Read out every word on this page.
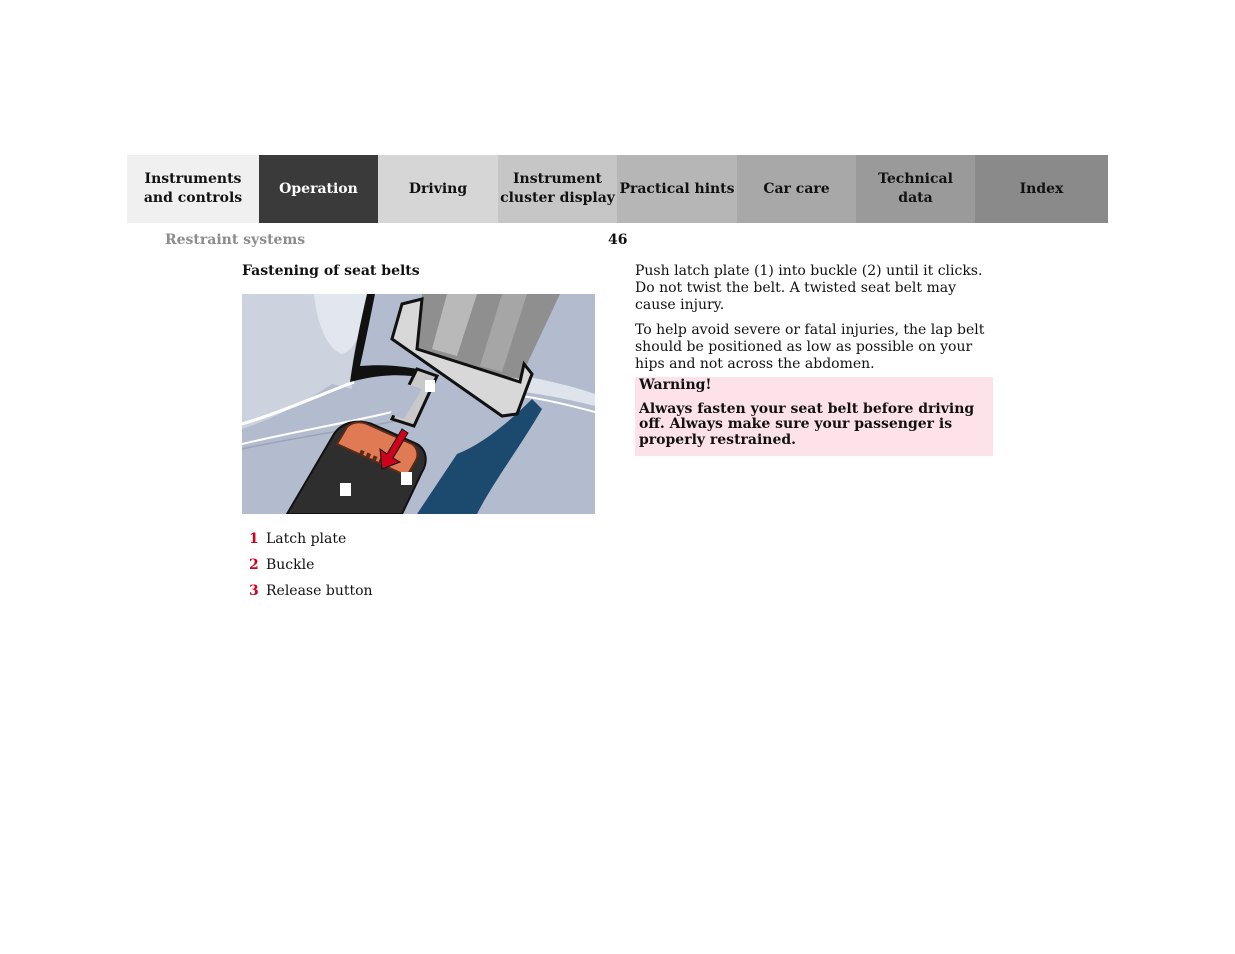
Instruments
and controls
Operation	Driving
Instrument
cluster display
Practical hints Car care
Technical
data
Index
Restraint systems	46
Fastening of seat belts
1 Latch plate
2 Buckle
3 Release button

Push latch plate (1) into buckle (2) until it clicks. Do not twist the belt. A twisted seat belt may cause injury.

To help avoid severe or fatal injuries, the lap belt should be positioned as low as possible on your hips and not across the abdomen.

Warning!

Always fasten your seat belt before driving off. Always make sure your passenger is properly restrained.
